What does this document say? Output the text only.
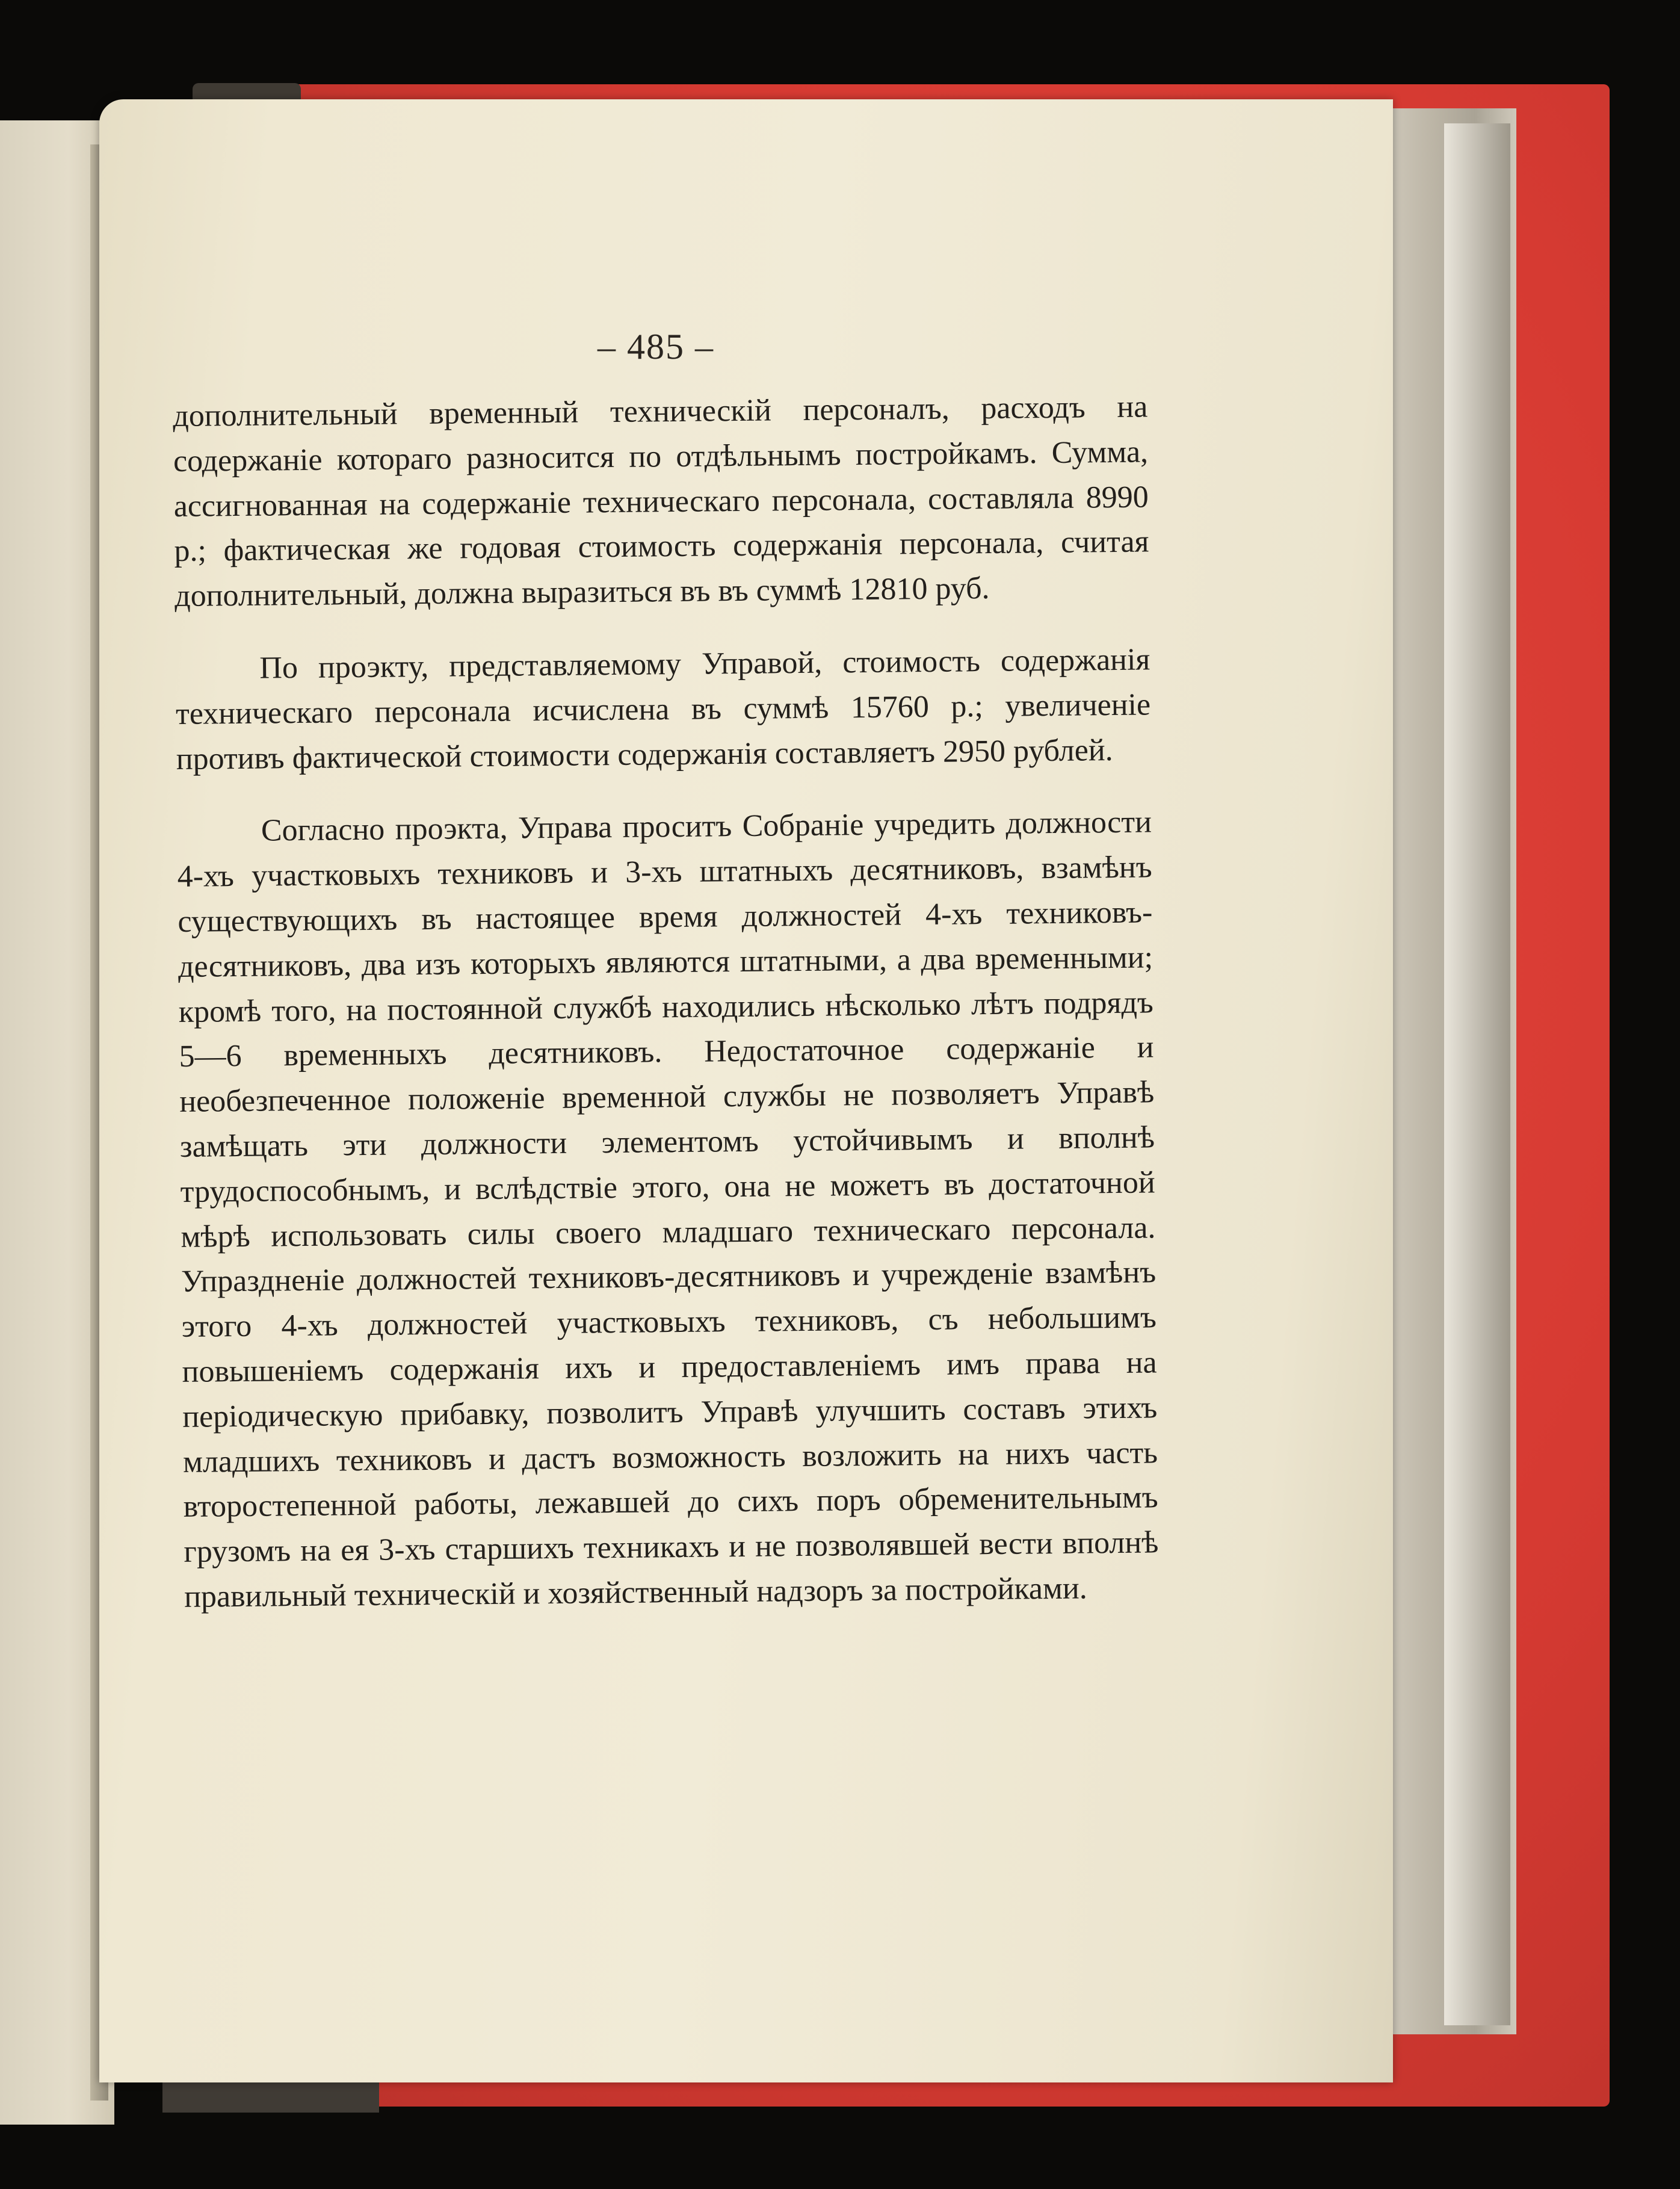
– 485 –

дополнительный временный техническій персоналъ, расходъ на содержаніе котораго разносится по отдѣльнымъ постройкамъ. Сумма, ассигнованная на содержаніе техническаго персонала, составляла 8990 р.; фактическая же годовая стоимость содержанія персонала, считая дополнительный, должна выразиться въ въ суммѣ 12810 руб.

По проэкту, представляемому Управой, стоимость содержанія техническаго персонала исчислена въ суммѣ 15760 р.; увеличеніе противъ фактической стоимости содержанія составляетъ 2950 рублей.

Согласно проэкта, Управа проситъ Собраніе учредить должности 4-хъ участковыхъ техниковъ и 3-хъ штатныхъ десятниковъ, взамѣнъ существующихъ въ настоящее время должностей 4-хъ техниковъ-десятниковъ, два изъ которыхъ являются штатными, а два временными; кромѣ того, на постоянной службѣ находились нѣсколько лѣтъ подрядъ 5—6 временныхъ десятниковъ. Недостаточное содержаніе и необезпеченное положеніе временной службы не позволяетъ Управѣ замѣщать эти должности элементомъ устойчивымъ и вполнѣ трудоспособнымъ, и вслѣдствіе этого, она не можетъ въ достаточной мѣрѣ использовать силы своего младшаго техническаго персонала. Упраздненіе должностей техниковъ-десятниковъ и учрежденіе взамѣнъ этого 4-хъ должностей участковыхъ техниковъ, съ небольшимъ повышеніемъ содержанія ихъ и предоставленіемъ имъ права на періодическую прибавку, позволитъ Управѣ улучшить составъ этихъ младшихъ техниковъ и дастъ возможность возложить на нихъ часть второстепенной работы, лежавшей до сихъ поръ обременительнымъ грузомъ на ея 3-хъ старшихъ техникахъ и не позволявшей вести вполнѣ правильный техническій и хозяйственный надзоръ за постройками.
